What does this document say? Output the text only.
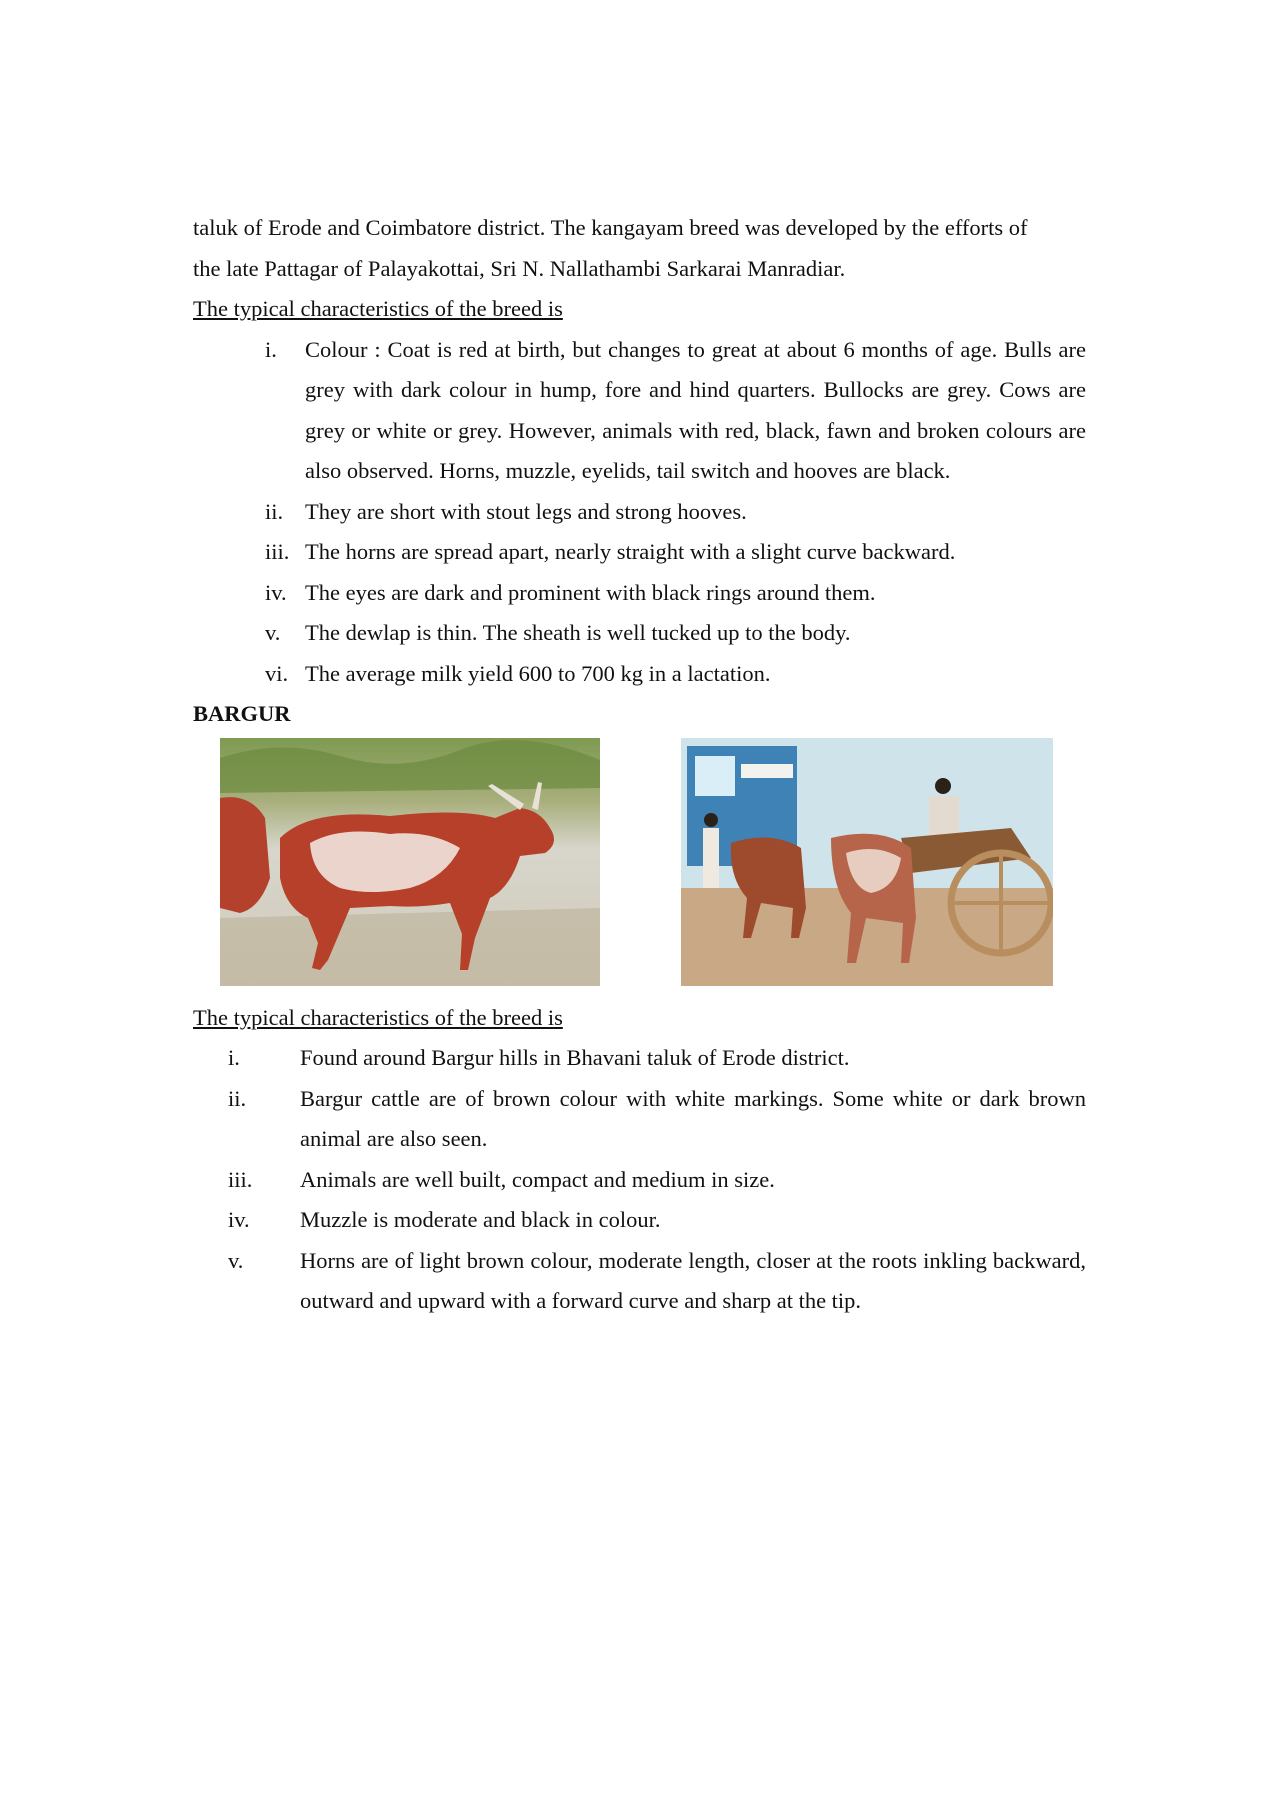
taluk of Erode and Coimbatore district. The kangayam breed was developed by the efforts of

the late Pattagar of Palayakottai, Sri N. Nallathambi Sarkarai Manradiar.

The typical characteristics of the breed is

i.	Colour : Coat is red at birth, but changes to great at about 6 months of age. Bulls are grey with dark colour in hump, fore and hind quarters. Bullocks are grey. Cows are grey or white or grey. However, animals with red, black, fawn and broken colours are also observed. Horns, muzzle, eyelids, tail switch and hooves are black.
ii. They are short with stout legs and strong hooves.
iii. The horns are spread apart, nearly straight with a slight curve backward.
iv. The eyes are dark and prominent with black rings around them.
v.	The dewlap is thin. The sheath is well tucked up to the body.
vi. The average milk yield 600 to 700 kg in a lactation.

BARGUR

The typical characteristics of the breed is

i.	Found around Bargur hills in Bhavani taluk of Erode district.
ii.	Bargur cattle are of brown colour with white markings. Some white or dark brown animal are also seen.
iii.	Animals are well built, compact and medium in size.
iv.	Muzzle is moderate and black in colour.
v.	Horns are of light brown colour, moderate length, closer at the roots inkling backward, outward and upward with a forward curve and sharp at the tip.
